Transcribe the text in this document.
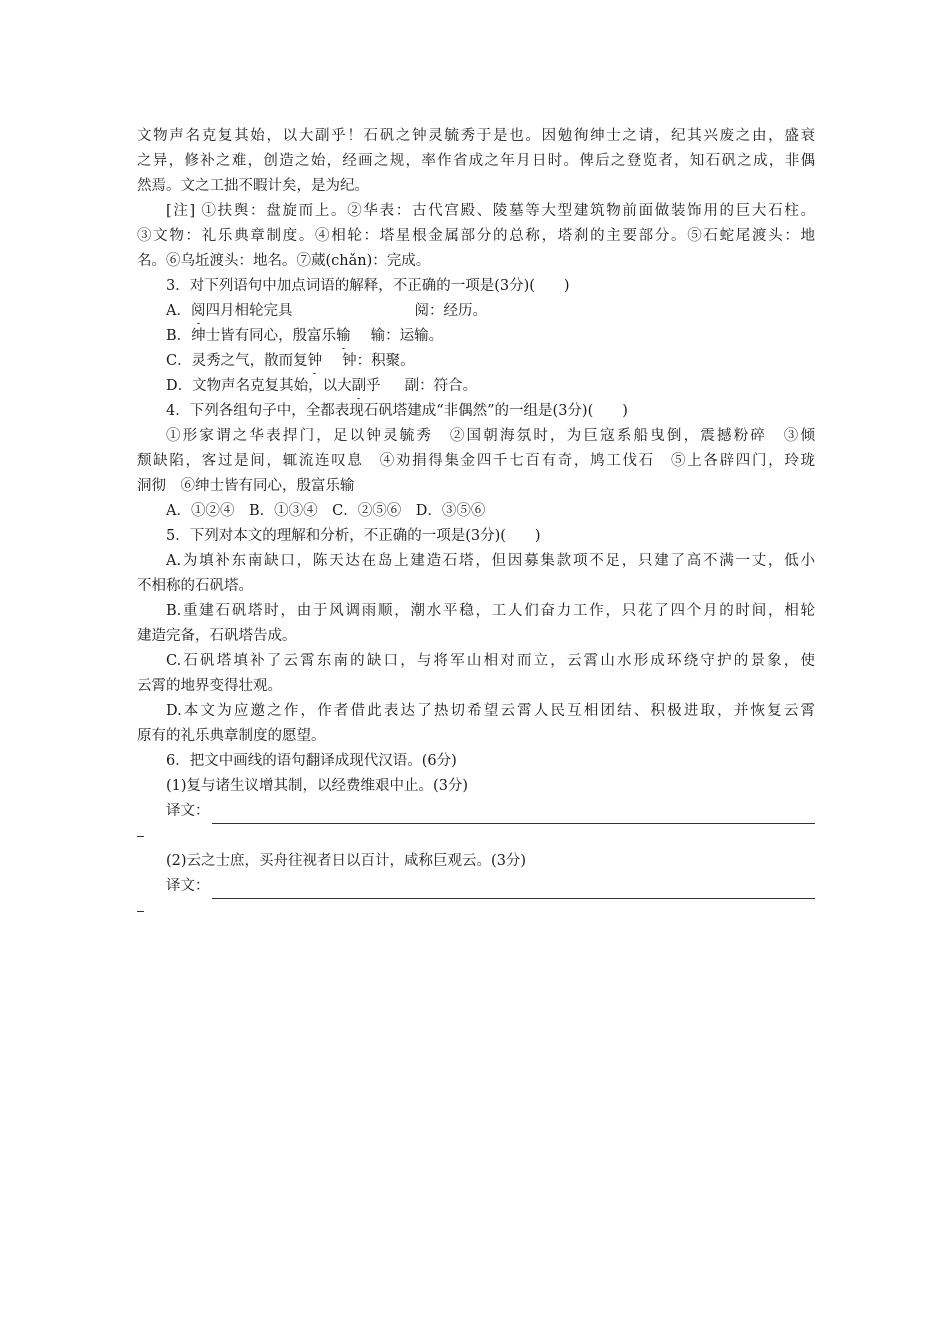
文物声名克复其始，以大副乎！石矾之钟灵毓秀于是也。因勉徇绅士之请，纪其兴废之由，盛衰
之异，修补之难，创造之始，经画之规，率作省成之年月日时。俾后之登览者，知石矾之成，非偶
然焉。文之工拙不暇计矣，是为纪。
[注] ①扶舆：盘旋而上。②华表：古代宫殿、陵墓等大型建筑物前面做装饰用的巨大石柱。
③文物：礼乐典章制度。④相轮：塔星根金属部分的总称，塔刹的主要部分。⑤石蛇尾渡头：地
名。⑥乌坵渡头：地名。⑦蒇(chǎn)：完成。
3．对下列语句中加点词语的解释，不正确的一项是(3分)(　　)
A．阅四月相轮完具	阅：经历。
B．绅士皆有同心，殷富乐输 输：运输。
C．灵秀之气，散而复钟 钟：积聚。
D．文物声名克复其始，以大副乎 副：符合。
4．下列各组句子中，全都表现石矾塔建成“非偶然”的一组是(3分)(　　)
①形家谓之华表捍门，足以钟灵毓秀　②国朝海氛时，为巨寇系船曳倒，震撼粉碎　③倾
颓缺陷，客过是间，辄流连叹息　④劝捐得集金四千七百有奇，鸠工伐石　⑤上各辟四门，玲珑
洞彻　⑥绅士皆有同心，殷富乐输
A．①②④　B．①③④　C．②⑤⑥　D．③⑤⑥
5．下列对本文的理解和分析，不正确的一项是(3分)(　　)
A.为填补东南缺口，陈天达在岛上建造石塔，但因募集款项不足，只建了高不满一丈，低小
不相称的石矾塔。
B.重建石矾塔时，由于风调雨顺，潮水平稳，工人们奋力工作，只花了四个月的时间，相轮
建造完备，石矾塔告成。
C.石矾塔填补了云霄东南的缺口，与将军山相对而立，云霄山水形成环绕守护的景象，使
云霄的地界变得壮观。
D.本文为应邀之作，作者借此表达了热切希望云霄人民互相团结、积极进取，并恢复云霄
原有的礼乐典章制度的愿望。
6．把文中画线的语句翻译成现代汉语。(6分)
(1)复与诸生议增其制，以经费维艰中止。(3分)
译文：
(2)云之士庶，买舟往视者日以百计，咸称巨观云。(3分)
译文：
